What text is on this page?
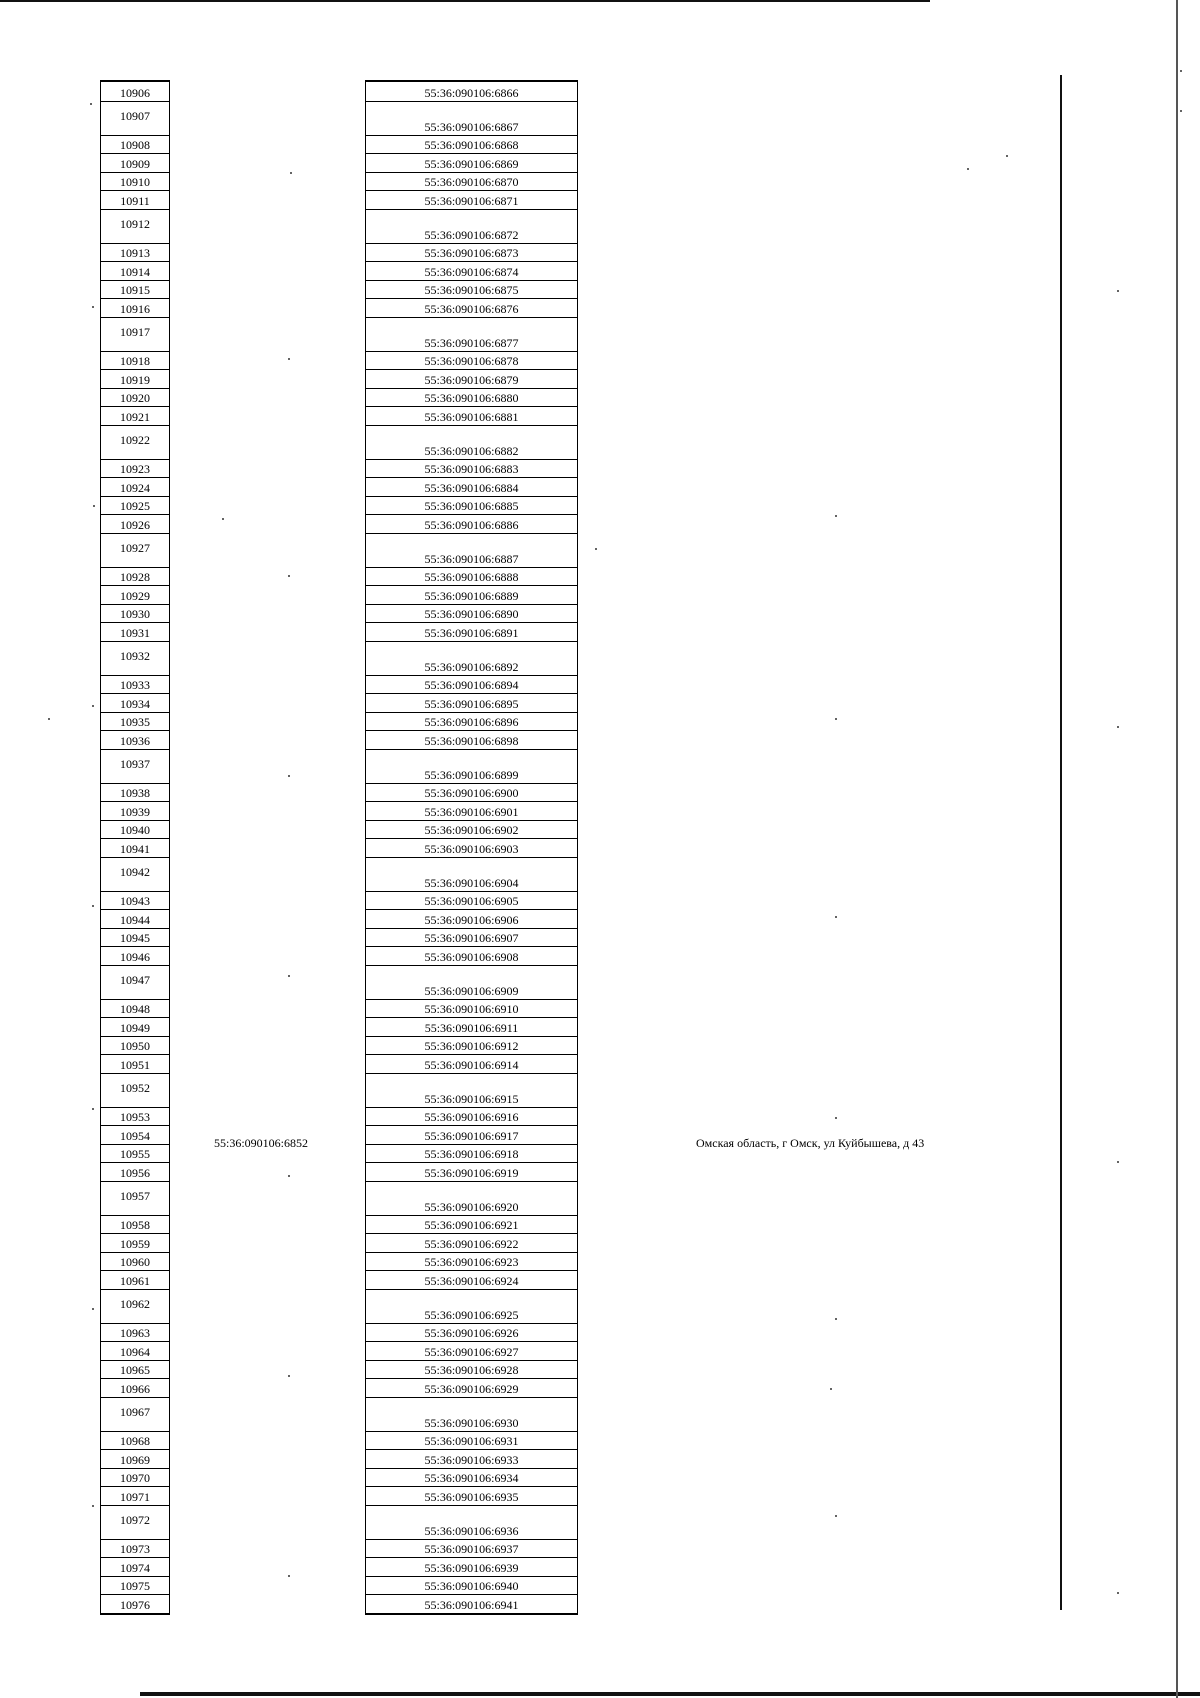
10906
10907
10908
10909
10910
10911
10912
10913
10914
10915
10916
10917
10918
10919
10920
10921
10922
10923
10924
10925
10926
10927
10928
10929
10930
10931
10932
10933
10934
10935
10936
10937
10938
10939
10940
10941
10942
10943
10944
10945
10946
10947
10948
10949
10950
10951
10952
10953
10954
10955
10956
10957
10958
10959
10960
10961
10962
10963
10964
10965
10966
10967
10968
10969
10970
10971
10972
10973
10974
10975
10976
55:36:090106:6866
55:36:090106:6867
55:36:090106:6868
55:36:090106:6869
55:36:090106:6870
55:36:090106:6871
55:36:090106:6872
55:36:090106:6873
55:36:090106:6874
55:36:090106:6875
55:36:090106:6876
55:36:090106:6877
55:36:090106:6878
55:36:090106:6879
55:36:090106:6880
55:36:090106:6881
55:36:090106:6882
55:36:090106:6883
55:36:090106:6884
55:36:090106:6885
55:36:090106:6886
55:36:090106:6887
55:36:090106:6888
55:36:090106:6889
55:36:090106:6890
55:36:090106:6891
55:36:090106:6892
55:36:090106:6894
55:36:090106:6895
55:36:090106:6896
55:36:090106:6898
55:36:090106:6899
55:36:090106:6900
55:36:090106:6901
55:36:090106:6902
55:36:090106:6903
55:36:090106:6904
55:36:090106:6905
55:36:090106:6906
55:36:090106:6907
55:36:090106:6908
55:36:090106:6909
55:36:090106:6910
55:36:090106:6911
55:36:090106:6912
55:36:090106:6914
55:36:090106:6915
55:36:090106:6916
55:36:090106:6917
55:36:090106:6918
55:36:090106:6919
55:36:090106:6920
55:36:090106:6921
55:36:090106:6922
55:36:090106:6923
55:36:090106:6924
55:36:090106:6925
55:36:090106:6926
55:36:090106:6927
55:36:090106:6928
55:36:090106:6929
55:36:090106:6930
55:36:090106:6931
55:36:090106:6933
55:36:090106:6934
55:36:090106:6935
55:36:090106:6936
55:36:090106:6937
55:36:090106:6939
55:36:090106:6940
55:36:090106:6941
55:36:090106:6852	Омская область, г Омск, ул Куйбышева, д 43
